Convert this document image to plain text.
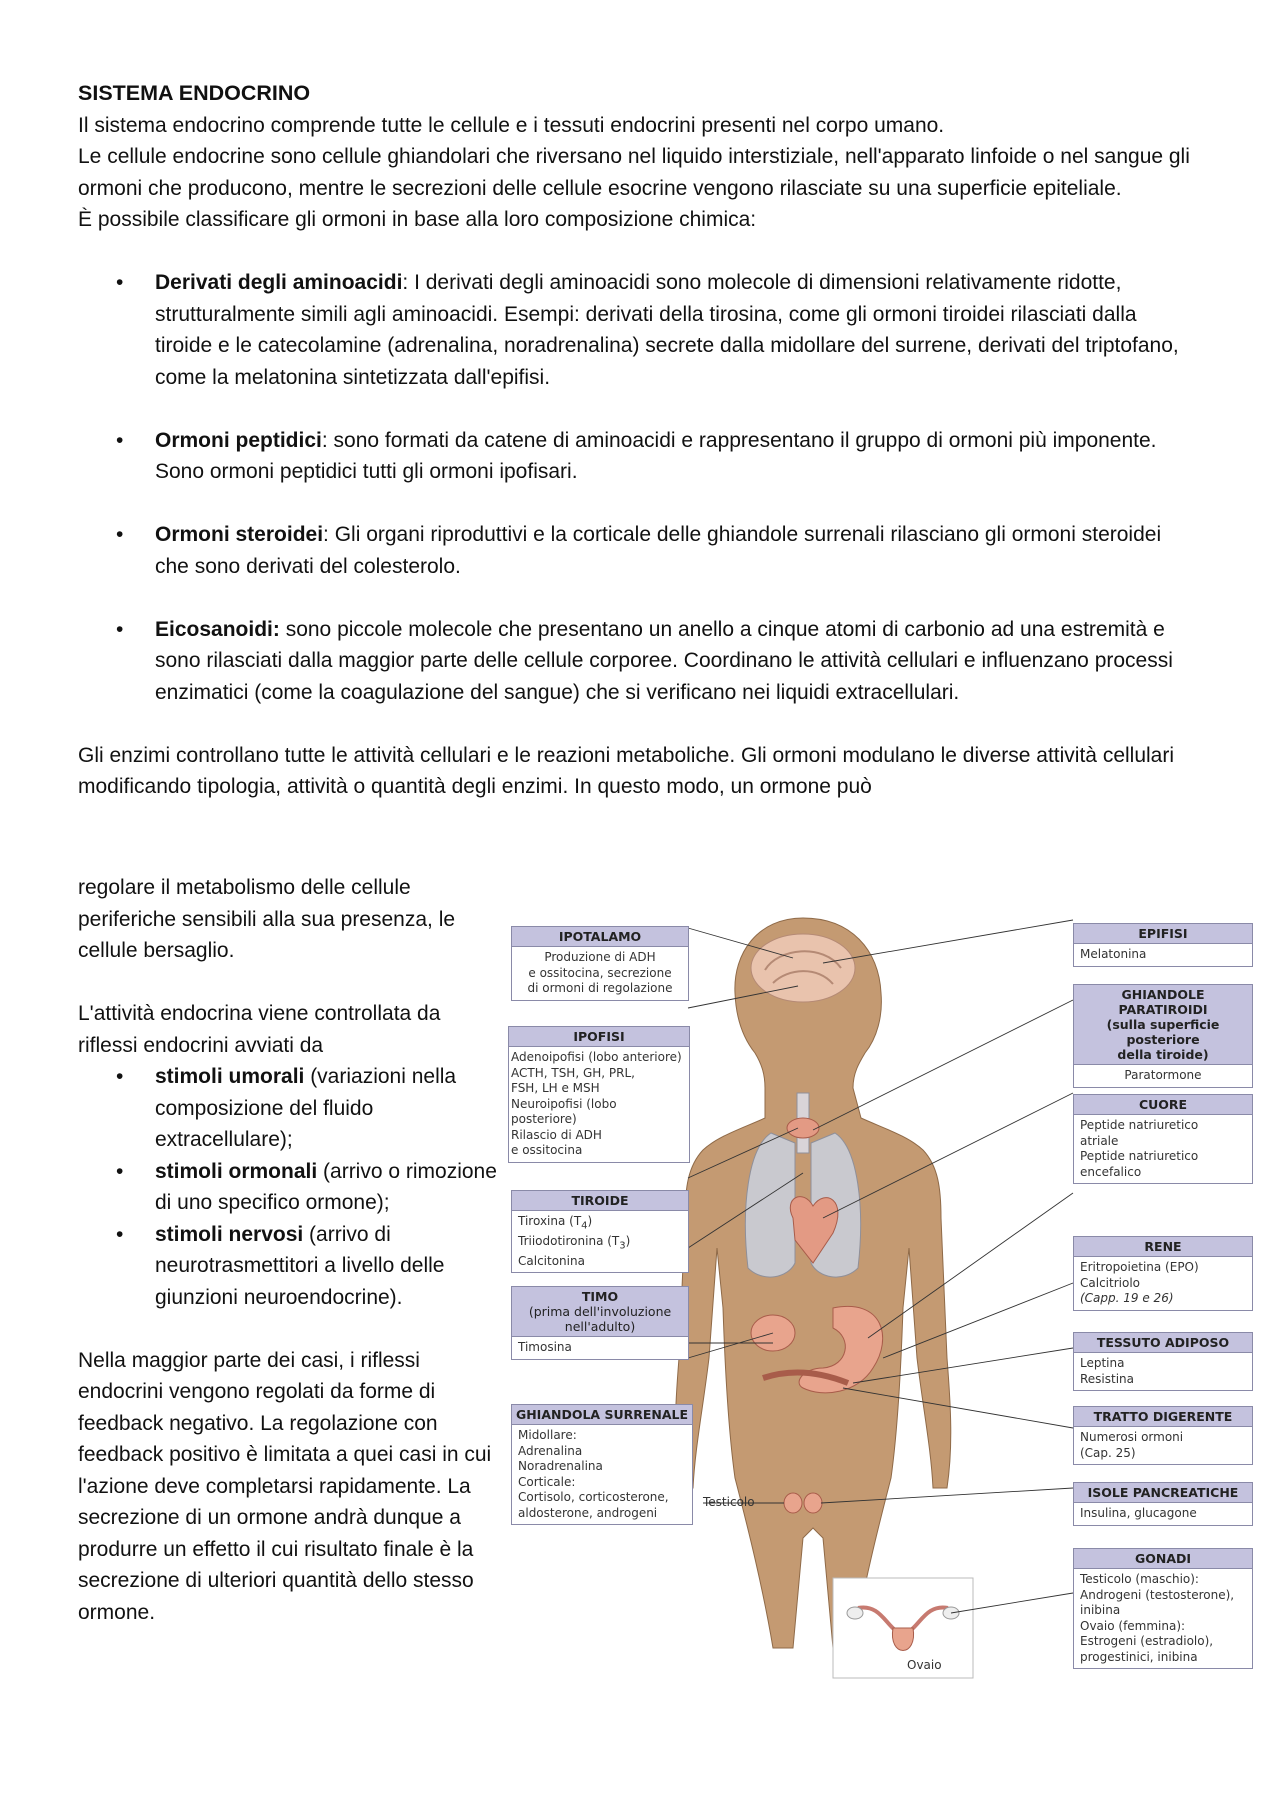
SISTEMA ENDOCRINO

Il sistema endocrino comprende tutte le cellule e i tessuti endocrini presenti nel corpo umano.

Le cellule endocrine sono cellule ghiandolari che riversano nel liquido interstiziale, nell'apparato linfoide o nel sangue gli ormoni che producono, mentre le secrezioni delle cellule esocrine vengono rilasciate su una superficie epiteliale.

È possibile classificare gli ormoni in base alla loro composizione chimica:

• Derivati degli aminoacidi: I derivati degli aminoacidi sono molecole di dimensioni relativamente ridotte, strutturalmente simili agli aminoacidi. Esempi: derivati della tirosina, come gli ormoni tiroidei rilasciati dalla tiroide e le catecolamine (adrenalina, noradrenalina) secrete dalla midollare del surrene, derivati del triptofano, come la melatonina sintetizzata dall'epifisi.
• Ormoni peptidici: sono formati da catene di aminoacidi e rappresentano il gruppo di ormoni più imponente. Sono ormoni peptidici tutti gli ormoni ipofisari.
• Ormoni steroidei: Gli organi riproduttivi e la corticale delle ghiandole surrenali rilasciano gli ormoni steroidei che sono derivati del colesterolo.
• Eicosanoidi: sono piccole molecole che presentano un anello a cinque atomi di carbonio ad una estremità e sono rilasciati dalla maggior parte delle cellule corporee. Coordinano le attività cellulari e influenzano processi enzimatici (come la coagulazione del sangue) che si verificano nei liquidi extracellulari.

Gli enzimi controllano tutte le attività cellulari e le reazioni metaboliche. Gli ormoni modulano le diverse attività cellulari modificando tipologia, attività o quantità degli enzimi. In questo modo, un ormone può

regolare il metabolismo delle cellule periferiche sensibili alla sua presenza, le cellule bersaglio.

L'attività endocrina viene controllata da riflessi endocrini avviati da

• stimoli umorali (variazioni nella composizione del fluido extracellulare);
• stimoli ormonali (arrivo o rimozione di uno specifico ormone);
• stimoli nervosi (arrivo di neurotrasmettitori a livello delle giunzioni neuroendocrine).

Nella maggior parte dei casi, i riflessi endocrini vengono regolati da forme di feedback negativo. La regolazione con feedback positivo è limitata a quei casi in cui l'azione deve completarsi rapidamente. La secrezione di un ormone andrà dunque a produrre un effetto il cui risultato finale è la secrezione di ulteriori quantità dello stesso ormone.

IPOTALAMO
Produzione di ADH
e ossitocina, secrezione
di ormoni di regolazione
IPOFISI
Adenoipofisi (lobo anteriore)
ACTH, TSH, GH, PRL,
FSH, LH e MSH
Neuroipofisi (lobo posteriore)
Rilascio di ADH
e ossitocina
TIROIDE
Tiroxina $(T_4)$
Triiodotironina $(T_3)$
Calcitonina
TIMO
(prima dell'involuzione
nell'adulto)
Timosina
GHIANDOLA SURRENALE
Midollare:
Adrenalina
Noradrenalina
Corticale:
Cortisolo, corticosterone,
aldosterone, androgeni
Testicolo
Ovaio
EPIFISI
Melatonina
GHIANDOLE PARATIROIDI
(sulla superficie posteriore
della tiroide)
Paratormone
CUORE
Peptide natriuretico
atriale
Peptide natriuretico
encefalico
RENE
Eritropoietina (EPO)
Calcitriolo
(Capp. 19 e 26)
TESSUTO ADIPOSO
Leptina
Resistina
TRATTO DIGERENTE
Numerosi ormoni
(Cap. 25)
ISOLE PANCREATICHE
Insulina, glucagone
GONADI
Testicolo (maschio):
Androgeni (testosterone),
inibina
Ovaio (femmina):
Estrogeni (estradiolo),
progestinici, inibina
